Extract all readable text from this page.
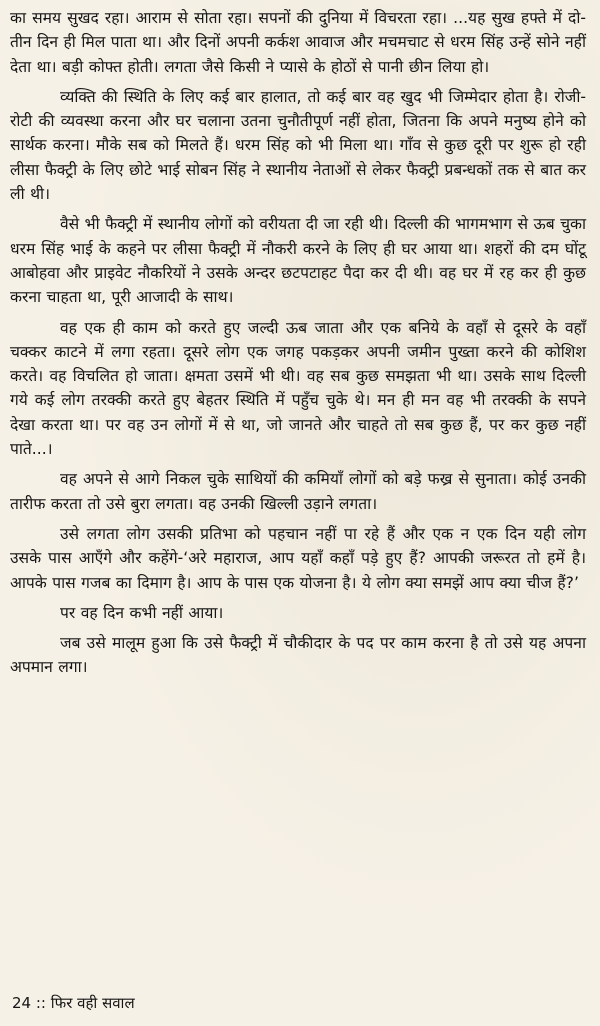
का समय सुखद रहा। आराम से सोता रहा। सपनों की दुनिया में विचरता रहा। ...यह सुख हफ्ते में दो-तीन दिन ही मिल पाता था। और दिनों अपनी कर्कश आवाज और मचमचाट से धरम सिंह उन्हें सोने नहीं देता था। बड़ी कोफ्त होती। लगता जैसे किसी ने प्यासे के होठों से पानी छीन लिया हो।

व्यक्ति की स्थिति के लिए कई बार हालात, तो कई बार वह खुद भी जिम्मेदार होता है। रोजी-रोटी की व्यवस्था करना और घर चलाना उतना चुनौतीपूर्ण नहीं होता, जितना कि अपने मनुष्य होने को सार्थक करना। मौके सब को मिलते हैं। धरम सिंह को भी मिला था। गाँव से कुछ दूरी पर शुरू हो रही लीसा फैक्ट्री के लिए छोटे भाई सोबन सिंह ने स्थानीय नेताओं से लेकर फैक्ट्री प्रबन्धकों तक से बात कर ली थी।

वैसे भी फैक्ट्री में स्थानीय लोगों को वरीयता दी जा रही थी। दिल्ली की भागमभाग से ऊब चुका धरम सिंह भाई के कहने पर लीसा फैक्ट्री में नौकरी करने के लिए ही घर आया था। शहरों की दम घोंटू आबोहवा और प्राइवेट नौकरियों ने उसके अन्दर छटपटाहट पैदा कर दी थी। वह घर में रह कर ही कुछ करना चाहता था, पूरी आजादी के साथ।

वह एक ही काम को करते हुए जल्दी ऊब जाता और एक बनिये के वहाँ से दूसरे के वहाँ चक्कर काटने में लगा रहता। दूसरे लोग एक जगह पकड़कर अपनी जमीन पुख्ता करने की कोशिश करते। वह विचलित हो जाता। क्षमता उसमें भी थी। वह सब कुछ समझता भी था। उसके साथ दिल्ली गये कई लोग तरक्की करते हुए बेहतर स्थिति में पहुँच चुके थे। मन ही मन वह भी तरक्की के सपने देखा करता था। पर वह उन लोगों में से था, जो जानते और चाहते तो सब कुछ हैं, पर कर कुछ नहीं पाते...।

वह अपने से आगे निकल चुके साथियों की कमियाँ लोगों को बड़े फख्र से सुनाता। कोई उनकी तारीफ करता तो उसे बुरा लगता। वह उनकी खिल्ली उड़ाने लगता।

उसे लगता लोग उसकी प्रतिभा को पहचान नहीं पा रहे हैं और एक न एक दिन यही लोग उसके पास आएँगे और कहेंगे-‘अरे महाराज, आप यहाँ कहाँ पड़े हुए हैं? आपकी जरूरत तो हमें है। आपके पास गजब का दिमाग है। आप के पास एक योजना है। ये लोग क्या समझें आप क्या चीज हैं?’

पर वह दिन कभी नहीं आया।

जब उसे मालूम हुआ कि उसे फैक्ट्री में चौकीदार के पद पर काम करना है तो उसे यह अपना अपमान लगा।

24 :: फिर वही सवाल
